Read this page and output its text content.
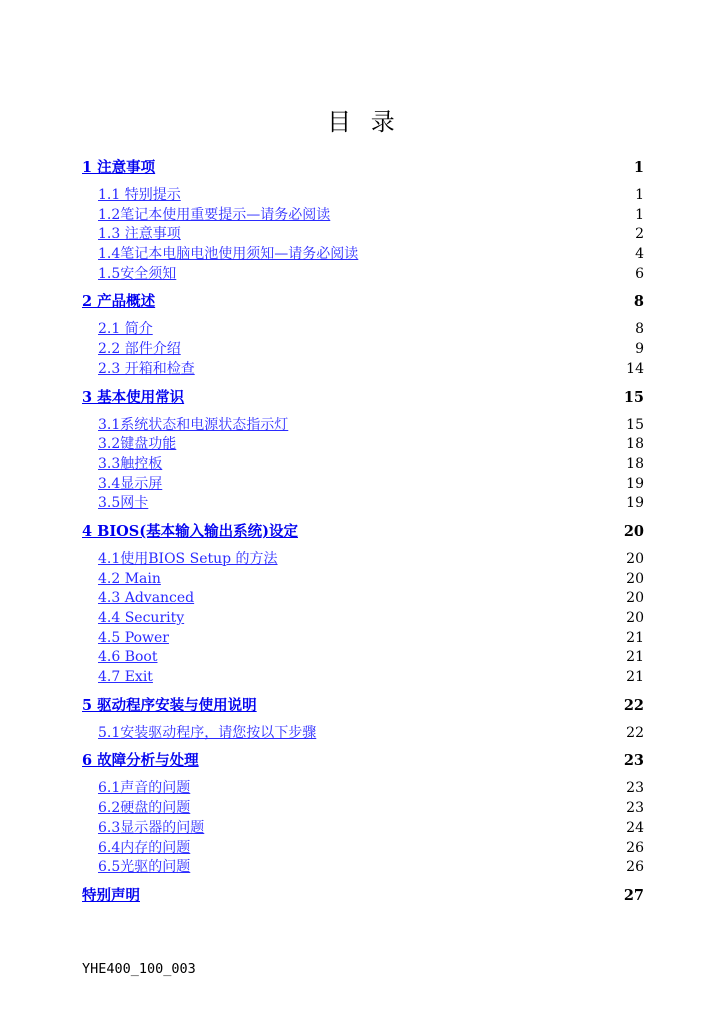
目 录
1 注意事项	1
1.1 特别提示	1
1.2笔记本使用重要提示—请务必阅读	1
1.3 注意事项	2
1.4笔记本电脑电池使用须知—请务必阅读	4
1.5安全须知	6
2 产品概述	8
2.1 简介	8
2.2 部件介绍	9
2.3 开箱和检查	14
3 基本使用常识	15
3.1系统状态和电源状态指示灯	15
3.2键盘功能	18
3.3触控板	18
3.4显示屏	19
3.5网卡	19
4 BIOS(基本输入输出系统)设定	20
4.1使用BIOS Setup 的方法	20
4.2 Main	20
4.3 Advanced	20
4.4 Security	20
4.5 Power	21
4.6 Boot	21
4.7 Exit	21
5 驱动程序安装与使用说明	22
5.1安装驱动程序，请您按以下步骤	22
6 故障分析与处理	23
6.1声音的问题	23
6.2硬盘的问题	23
6.3显示器的问题	24
6.4内存的问题	26
6.5光驱的问题	26
特别声明	27
YHE400_100_003
